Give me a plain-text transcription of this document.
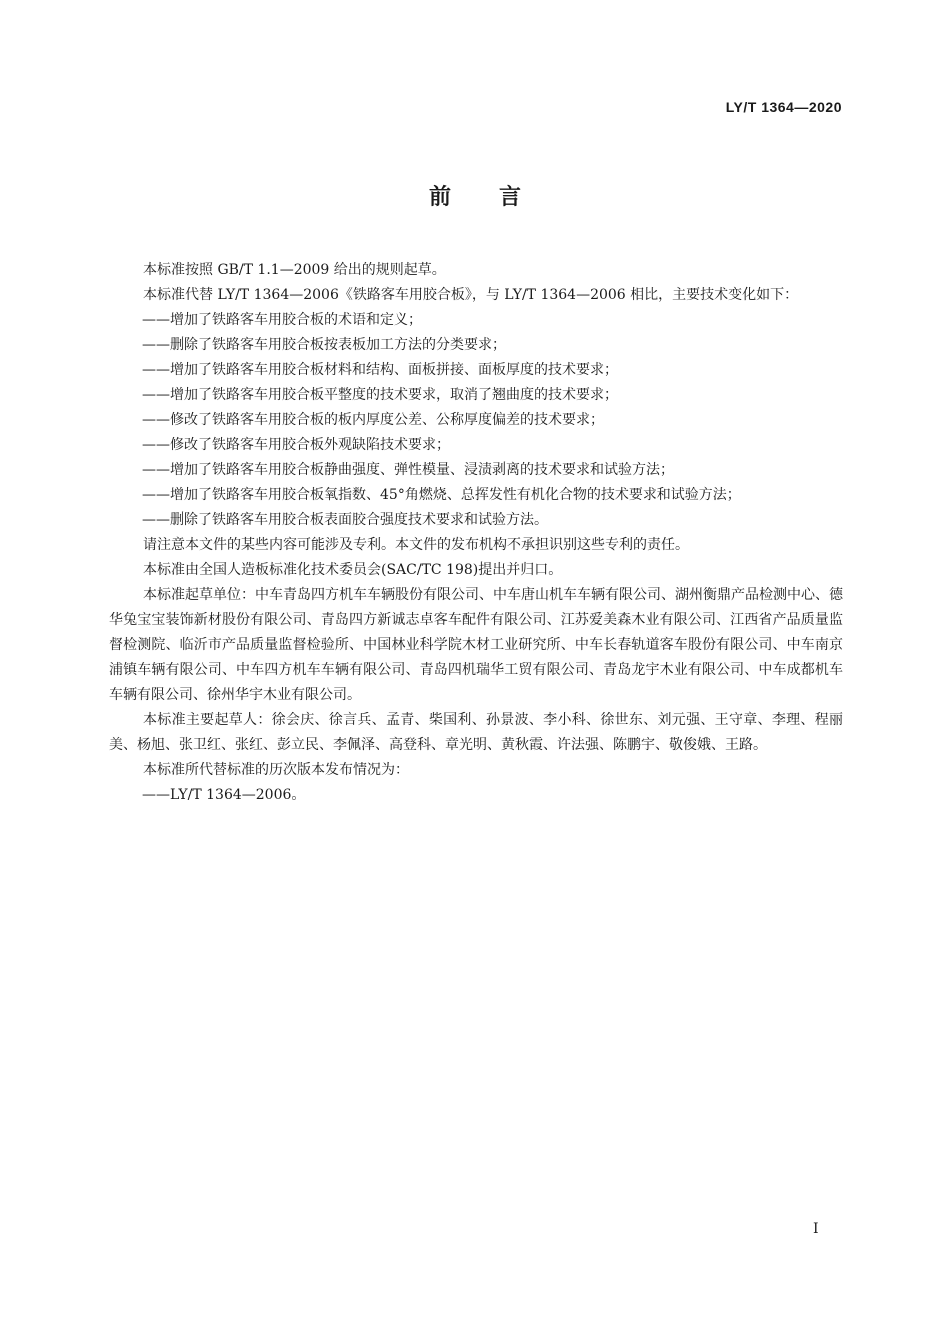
LY/T 1364—2020
前言

本标准按照 GB/T 1.1—2009 给出的规则起草。

本标准代替 LY/T 1364—2006《铁路客车用胶合板》，与 LY/T 1364—2006 相比，主要技术变化如下：

——增加了铁路客车用胶合板的术语和定义；

——删除了铁路客车用胶合板按表板加工方法的分类要求；

——增加了铁路客车用胶合板材料和结构、面板拼接、面板厚度的技术要求；

——增加了铁路客车用胶合板平整度的技术要求，取消了翘曲度的技术要求；

——修改了铁路客车用胶合板的板内厚度公差、公称厚度偏差的技术要求；

——修改了铁路客车用胶合板外观缺陷技术要求；

——增加了铁路客车用胶合板静曲强度、弹性模量、浸渍剥离的技术要求和试验方法；

——增加了铁路客车用胶合板氧指数、45°角燃烧、总挥发性有机化合物的技术要求和试验方法；

——删除了铁路客车用胶合板表面胶合强度技术要求和试验方法。

请注意本文件的某些内容可能涉及专利。本文件的发布机构不承担识别这些专利的责任。

本标准由全国人造板标准化技术委员会(SAC/TC 198)提出并归口。

本标准起草单位：中车青岛四方机车车辆股份有限公司、中车唐山机车车辆有限公司、湖州衡鼎产品检测中心、德华兔宝宝装饰新材股份有限公司、青岛四方新诚志卓客车配件有限公司、江苏爱美森木业有限公司、江西省产品质量监督检测院、临沂市产品质量监督检验所、中国林业科学院木材工业研究所、中车长春轨道客车股份有限公司、中车南京浦镇车辆有限公司、中车四方机车车辆有限公司、青岛四机瑞华工贸有限公司、青岛龙宇木业有限公司、中车成都机车车辆有限公司、徐州华宇木业有限公司。

本标准主要起草人：徐会庆、徐言兵、孟青、柴国利、孙景波、李小科、徐世东、刘元强、王守章、李理、程丽美、杨旭、张卫红、张红、彭立民、李佩泽、高登科、章光明、黄秋霞、许法强、陈鹏宇、敬俊娥、王路。

本标准所代替标准的历次版本发布情况为：

——LY/T 1364—2006。

I
